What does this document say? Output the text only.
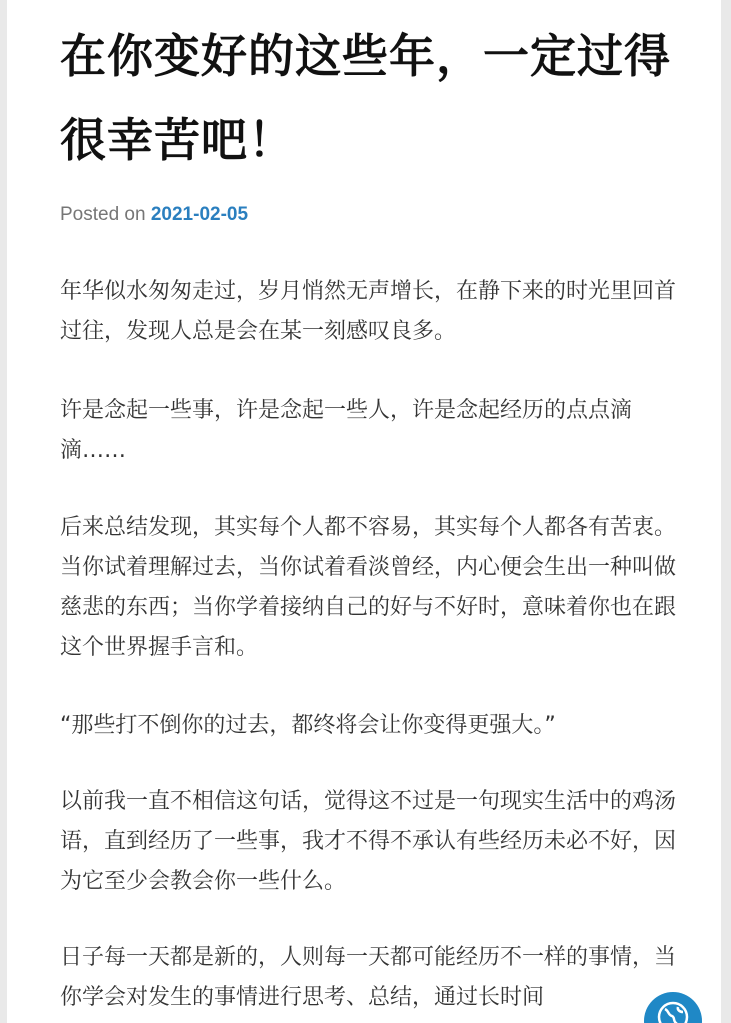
在你变好的这些年，一定过得很幸苦吧！
Posted on 2021-02-05

年华似水匆匆走过，岁月悄然无声增长，在静下来的时光里回首过往，发现人总是会在某一刻感叹良多。

许是念起一些事，许是念起一些人，许是念起经历的点点滴滴……

后来总结发现，其实每个人都不容易，其实每个人都各有苦衷。当你试着理解过去，当你试着看淡曾经，内心便会生出一种叫做慈悲的东西；当你学着接纳自己的好与不好时，意味着你也在跟这个世界握手言和。

“那些打不倒你的过去，都终将会让你变得更强大。”

以前我一直不相信这句话，觉得这不过是一句现实生活中的鸡汤语，直到经历了一些事，我才不得不承认有些经历未必不好，因为它至少会教会你一些什么。

日子每一天都是新的，人则每一天都可能经历不一样的事情，当你学会对发生的事情进行思考、总结，通过长时间
